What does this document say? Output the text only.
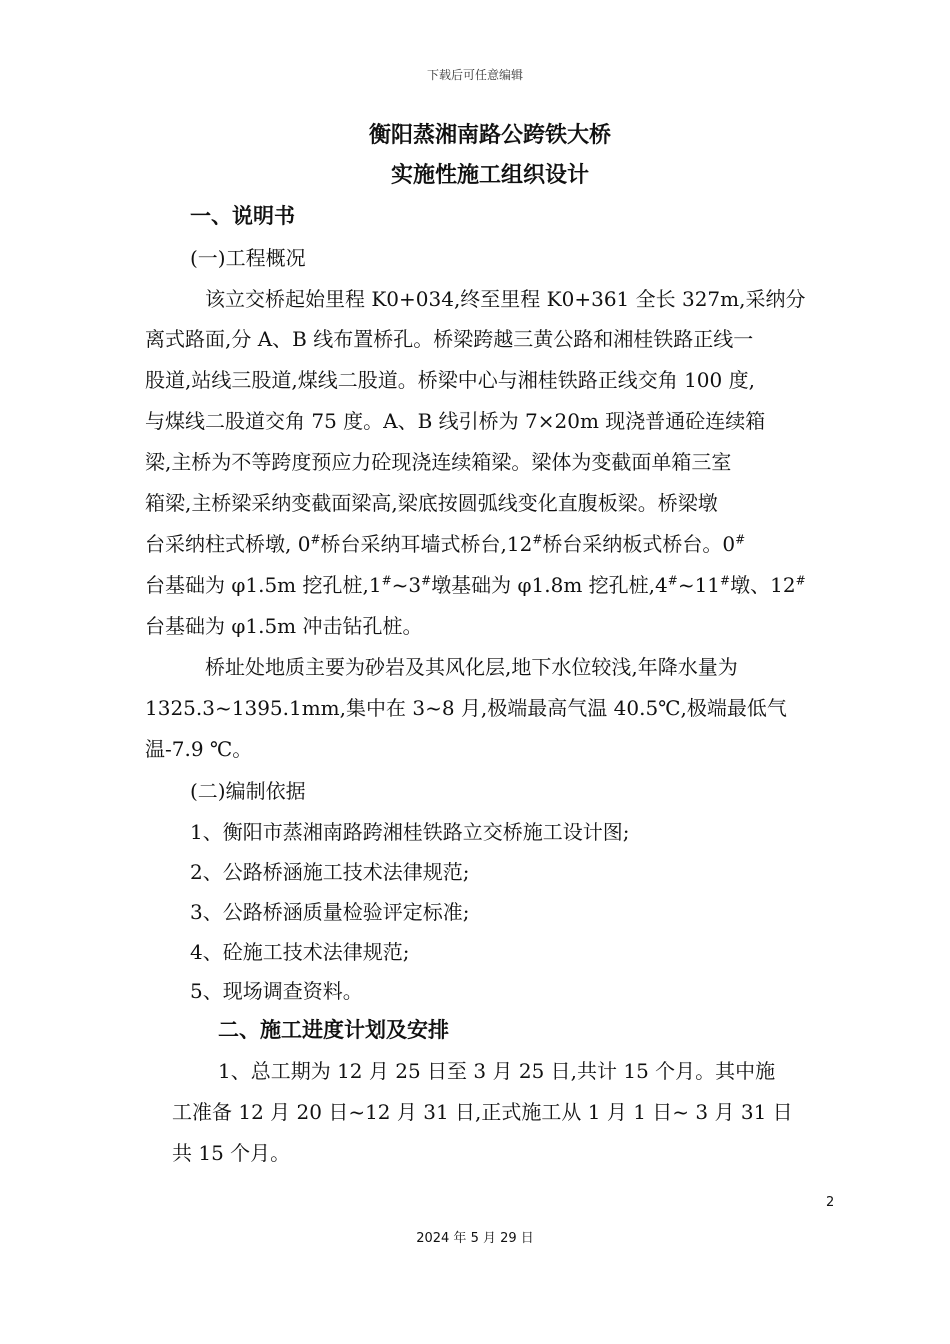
下载后可任意编辑
衡阳蒸湘南路公跨铁大桥
实施性施工组织设计
一、说明书
(一)工程概况
该立交桥起始里程 K0+034,终至里程 K0+361 全长 327m,采纳分
离式路面,分 A、B 线布置桥孔。桥梁跨越三黄公路和湘桂铁路正线一
股道,站线三股道,煤线二股道。桥梁中心与湘桂铁路正线交角 100 度,
与煤线二股道交角 75 度。A、B 线引桥为 7×20m 现浇普通砼连续箱
梁,主桥为不等跨度预应力砼现浇连续箱梁。梁体为变截面单箱三室
箱梁,主桥梁采纳变截面梁高,梁底按圆弧线变化直腹板梁。桥梁墩
台采纳柱式桥墩, 0#桥台采纳耳墙式桥台,12#桥台采纳板式桥台。0#
台基础为 φ1.5m 挖孔桩,1#~3#墩基础为 φ1.8m 挖孔桩,4#~11#墩、12#
台基础为 φ1.5m 冲击钻孔桩。
桥址处地质主要为砂岩及其风化层,地下水位较浅,年降水量为
1325.3~1395.1mm,集中在 3~8 月,极端最高气温 40.5℃,极端最低气
温-7.9 ℃。
(二)编制依据
1、衡阳市蒸湘南路跨湘桂铁路立交桥施工设计图;
2、公路桥涵施工技术法律规范;
3、公路桥涵质量检验评定标准;
4、砼施工技术法律规范;
5、现场调查资料。
二、施工进度计划及安排
1、总工期为 12 月 25 日至 3 月 25 日,共计 15 个月。其中施
工准备 12 月 20 日~12 月 31 日,正式施工从 1 月 1 日~ 3 月 31 日
共 15 个月。
2
2024 年 5 月 29 日
